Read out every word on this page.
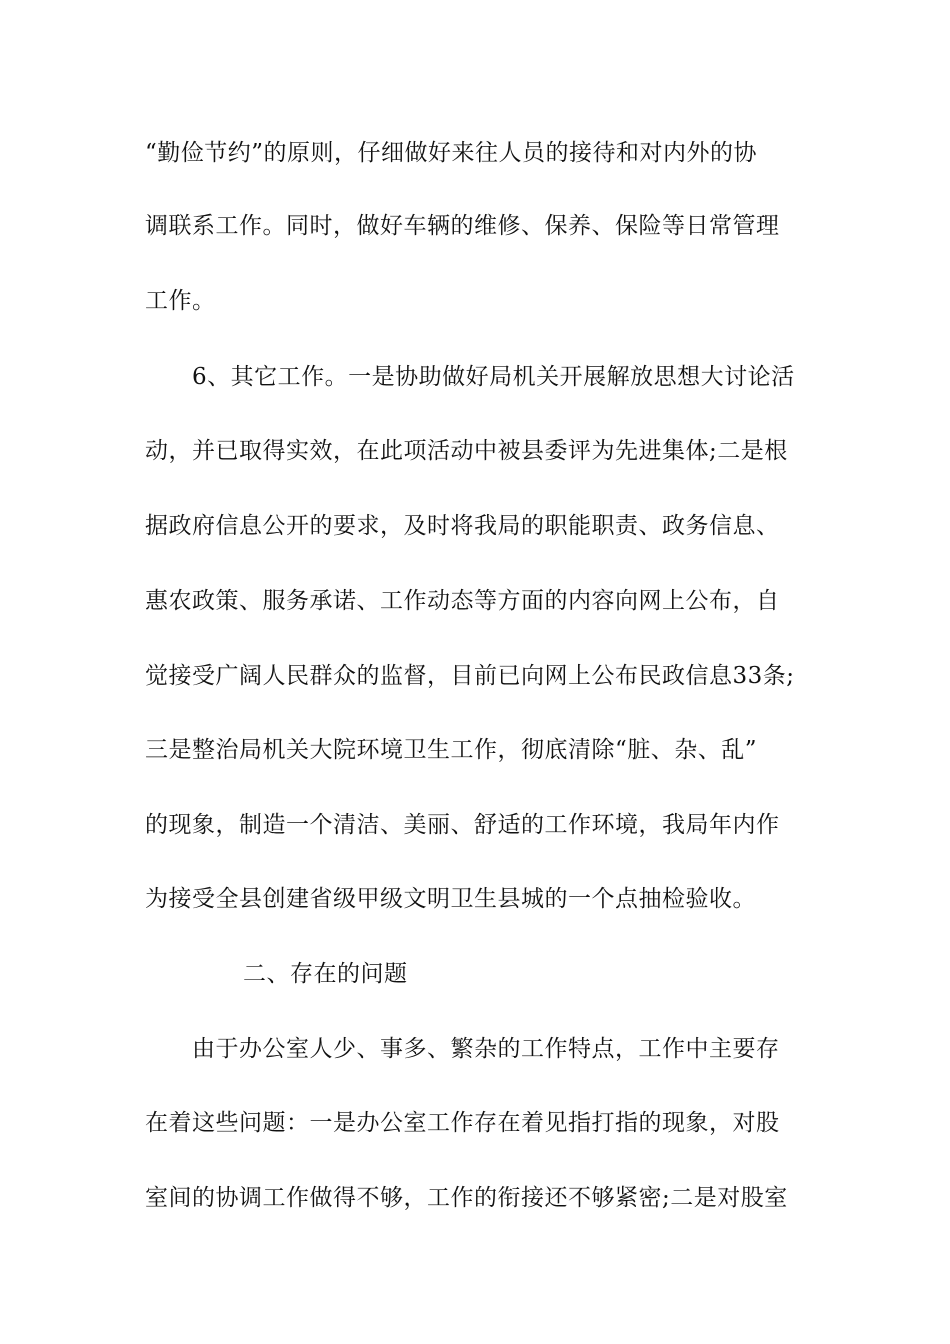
“勤俭节约”的原则，仔细做好来往人员的接待和对内外的协
调联系工作。同时，做好车辆的维修、保养、保险等日常管理
工作。
6、其它工作。一是协助做好局机关开展解放思想大讨论活
动，并已取得实效，在此项活动中被县委评为先进集体;二是根
据政府信息公开的要求，及时将我局的职能职责、政务信息、
惠农政策、服务承诺、工作动态等方面的内容向网上公布，自
觉接受广阔人民群众的监督，目前已向网上公布民政信息33条;
三是整治局机关大院环境卫生工作，彻底清除“脏、杂、乱”
的现象，制造一个清洁、美丽、舒适的工作环境，我局年内作
为接受全县创建省级甲级文明卫生县城的一个点抽检验收。
二、存在的问题
由于办公室人少、事多、繁杂的工作特点，工作中主要存
在着这些问题：一是办公室工作存在着见指打指的现象，对股
室间的协调工作做得不够，工作的衔接还不够紧密;二是对股室
